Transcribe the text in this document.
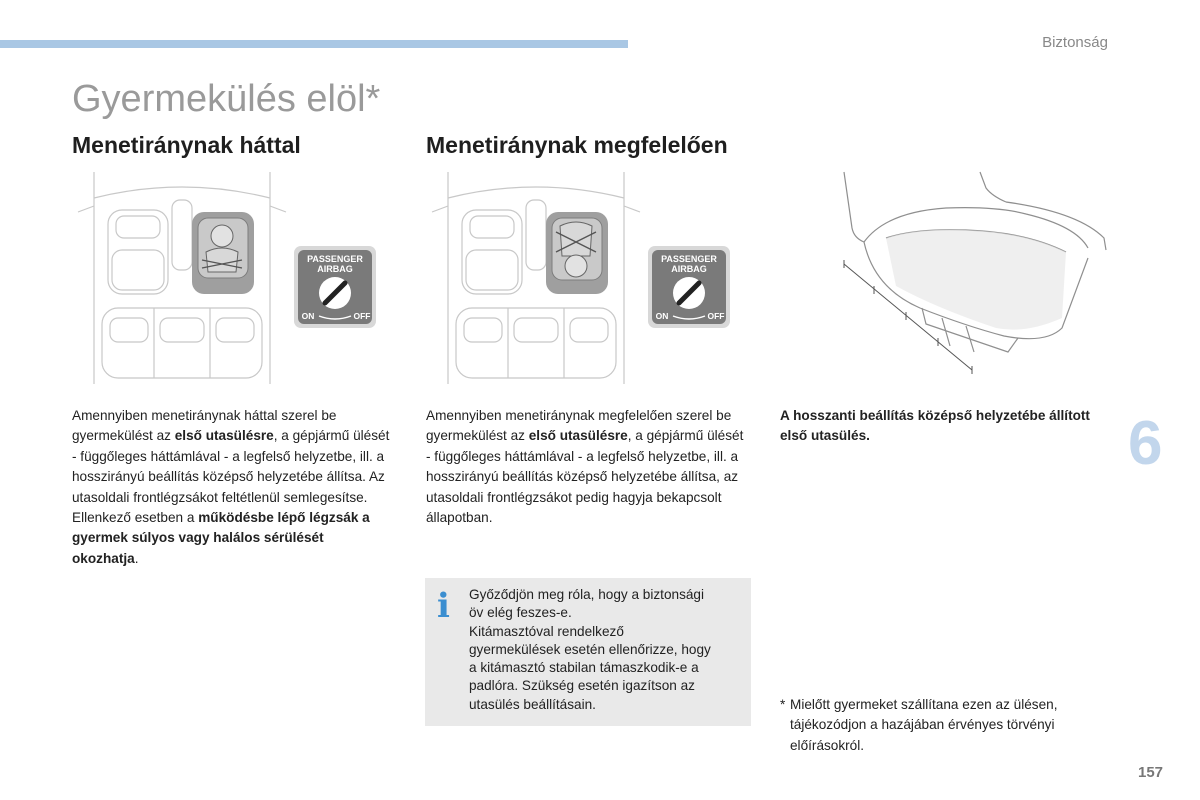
Biztonság
Gyermekülés elöl*
Menetiránynak háttal	Menetiránynak megfelelően
PASSENGER
AIRBAG
ON	OFF
PASSENGER
AIRBAG
ON	OFF

Amennyiben menetiránynak háttal szerel be gyermekülést az első utasülésre, a gépjármű ülését - függőleges háttámlával - a legfelső helyzetbe, ill. a hosszirányú beállítás középső helyzetébe állítsa. Az utasoldali frontlégzsákot feltétlenül semlegesítse. Ellenkező esetben a működésbe lépő légzsák a gyermek súlyos vagy halálos sérülését okozhatja.

Amennyiben menetiránynak megfelelően szerel be gyermekülést az első utasülésre, a gépjármű ülését - függőleges háttámlával - a legfelső helyzetbe, ill. a hosszirányú beállítás középső helyzetébe állítsa, az utasoldali frontlégzsákot pedig hagyja bekapcsolt állapotban.

A hosszanti beállítás középső helyzetébe állított első utasülés.	6
i Győződjön meg róla, hogy a biztonsági
öv elég feszes-e.
Kitámasztóval rendelkező
gyermekülések esetén ellenőrizze, hogy
a kitámasztó stabilan támaszkodik-e a
padlóra. Szükség esetén igazítson az
utasülés beállításain.	* Mielőtt gyermeket szállítana ezen az ülésen, tájékozódjon a hazájában érvényes törvényi előírásokról.
157
